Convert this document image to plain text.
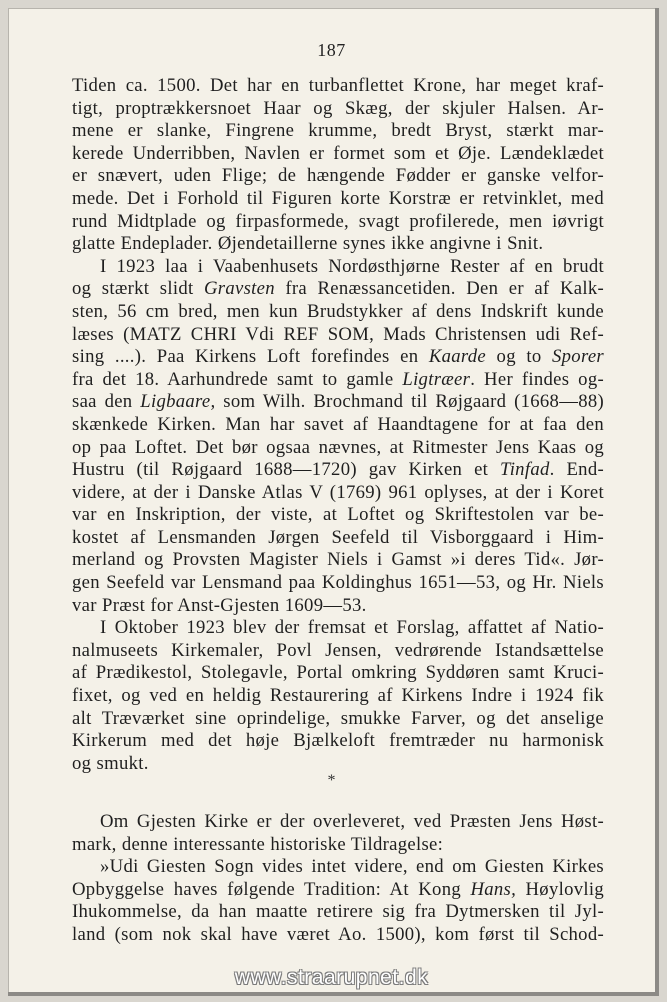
187

Tiden ca. 1500. Det har en turbanflettet Krone, har meget kraf-
tigt, proptrækkersnoet Haar og Skæg, der skjuler Halsen. Ar-
mene er slanke, Fingrene krumme, bredt Bryst, stærkt mar-
kerede Underribben, Navlen er formet som et Øje. Lændeklædet
er snævert, uden Flige; de hængende Fødder er ganske velfor-
mede. Det i Forhold til Figuren korte Korstræ er retvinklet, med
rund Midtplade og firpasformede, svagt profilerede, men iøvrigt
glatte Endeplader. Øjendetaillerne synes ikke angivne i Snit.

I 1923 laa i Vaabenhusets Nordøsthjørne Rester af en brudt
og stærkt slidt Gravsten fra Renæssancetiden. Den er af Kalk-
sten, 56 cm bred, men kun Brudstykker af dens Indskrift kunde
læses (MATZ CHRI Vdi REF SOM, Mads Christensen udi Ref-
sing ....). Paa Kirkens Loft forefindes en Kaarde og to Sporer
fra det 18. Aarhundrede samt to gamle Ligtræer. Her findes og-
saa den Ligbaare, som Wilh. Brochmand til Røjgaard (1668—88)
skænkede Kirken. Man har savet af Haandtagene for at faa den
op paa Loftet. Det bør ogsaa nævnes, at Ritmester Jens Kaas og
Hustru (til Røjgaard 1688—1720) gav Kirken et Tinfad. End-
videre, at der i Danske Atlas V (1769) 961 oplyses, at der i Koret
var en Inskription, der viste, at Loftet og Skriftestolen var be-
kostet af Lensmanden Jørgen Seefeld til Visborggaard i Him-
merland og Provsten Magister Niels i Gamst »i deres Tid«. Jør-
gen Seefeld var Lensmand paa Koldinghus 1651—53, og Hr. Niels
var Præst for Anst-Gjesten 1609—53.

I Oktober 1923 blev der fremsat et Forslag, affattet af Natio-
nalmuseets Kirkemaler, Povl Jensen, vedrørende Istandsættelse
af Prædikestol, Stolegavle, Portal omkring Syddøren samt Kruci-
fixet, og ved en heldig Restaurering af Kirkens Indre i 1924 fik
alt Træværket sine oprindelige, smukke Farver, og det anselige
Kirkerum med det høje Bjælkeloft fremtræder nu harmonisk
og smukt.

*

Om Gjesten Kirke er der overleveret, ved Præsten Jens Høst-
mark, denne interessante historiske Tildragelse:

»Udi Giesten Sogn vides intet videre, end om Giesten Kirkes
Opbyggelse haves følgende Tradition: At Kong Hans, Høylovlig
Ihukommelse, da han maatte retirere sig fra Dytmersken til Jyl-
land (som nok skal have været Ao. 1500), kom først til Schod-

www.straarupnet.dk
